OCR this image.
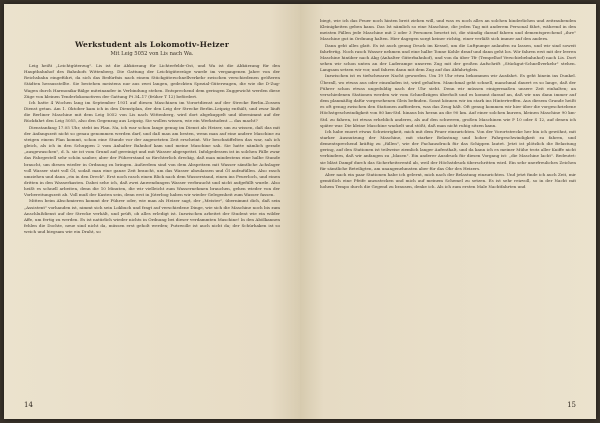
Werkstudent als Lokomotiv-Heizer
Mit Leig 5052 von Lis nach Wa.

Leig heißt „Leichtgüterzug". Lis ist die Abkürzung für Lichterfelde-Ost, und Wa ist die Abkürzung für den Hauptbahnhof des Bahnhofs Wittenberg. Die Gattung der Leichtgüterzüge wurde im vergangenen Jahre von der Reichsbahn eingeführt, da sich das Bedürfnis nach einem Stückgüterschnellverkehr zwischen verschiedenen größeren Städten herausstellte. Sie bestehen meistens nur aus zwei langen, gedeckten Spezial-Güterwagen, die wie die D-Zug-Wagen durch Harmonika-Bälge miteinander in Verbindung stehen. Entsprechend dem geringen Zuggewicht werden diese Züge von kleinen Tenderlokomotiven der Gattung Pt 34–17 (früher T 12) befördert.

Ich hatte 4 Wochen lang im September 1931 auf diesen Maschinen im Vorortdienst auf der Strecke Berlin–Zossen Dienst getan. Am 1. Oktober kam ich in den Dienstplan, der den Leig der Strecke Berlin–Leipzig enthält, und zwar läuft die Berliner Maschine mit dem Leig 5052 von Lis nach Wittenberg, wird dort abgekuppelt und übernimmt auf der Rückfahrt den Leig 5055, also den Gegenzug aus Leipzig. Sie wollen wissen, wie ein Werkstudent — das macht?

Dienstanfang 17.05 Uhr, steht im Plan. Na, ich war schon lange genug im Dienst als Heizer, um zu wissen, daß das mit der Anfangszeit nicht so genau genommen werden darf, und daß man am besten, wenn man auf eine andere Maschine zu steigen einem Plan kommt, schon eine Stunde vor der angesetzten Zeit erscheint. Wir beschnüffelten das war, sah ich gleich, als ich in den Schuppen 2 vom Anhalter Bahnhof kam und meine Maschine sah. Sie hatte nämlich gerade „ausgewaschen", d. h. sie ist vom Grund auf gereinigt und mit Wasser abgespritzt. Infolgedessen ist in solchen Fälle zwar das Fahrgestell sehr schön sauber, aber der Führerstand so fürchterlich dreckig, daß man mindestens eine halbe Stunde braucht, um diesen wieder in Ordnung zu bringen. Außerdem sind von dem Abspritzen mit Wasser sämtliche Achslager voll Wasser statt voll Öl, sodaß man eine ganze Zeit braucht, um das Wasser abzulassen und Öl aufzufüllen. Also rasch umziehen und dann „rin in den Dreck". Erst noch rasch einen Blick nach dem Wasserstand, einen ins Feuerloch, und einen dritten in den Wasserkasten. Dabei sehe ich, daß zwei Anwendungen Wasser verbraucht und nicht aufgefüllt wurde. Also heißt es schnell arbeiten, denn die 10 Minuten, die wir vielleicht zum Wassernehmen brauchen, gehen wieder von der Vorbereitungszeit ab. Voll muß der Kasten sein, denn erst in Jüterbog haben wir wieder Gelegenheit zum Wasser fassen.

Mitten beim Abschmieren kommt der Führer oder, wie man als Heizer sagt, der „Meister", übernimmt dich, daß sein „Assistent" vorhanden ist, nimmt sich sein Lokbuch und fragt auf verschiedene Dinge, wie sich die Maschine noch bis zum Anschlußdienst auf der Strecke verhält, und prüft, ob alles erledigt ist. Inzwischen arbeitet der Student wie ein wilder Affe, um fertig zu werden. Es ist natürlich wieder nichts in Ordnung bei dieser verdammten Maschine! In den Abölkannen fehlen die Dochte, neue sind nicht da, müssen erst geholt werden; Putzwolle ist auch nicht da; der Schürhaken ist so weich und biegsam wie ein Draht, so

14

biegt, wie ich das Feuer noch hinten breit ziehen will, und was es noch alles an solchen hinderlichen und zeitraubenden Kleinigkeiten geben kann. Das Ist nämlich so eine Maschine, die jeden Tag mit anderem Personal fährt, während in den meisten Fällen jede Maschine mit 2 oder 3 Personen besetzt ist, die ständig darauf fahren und dementsprechend „ihre" Maschine gut in Ordnung halten. Hier dagegen sorgt keiner richtig, einer verläßt sich immer auf den andern.

Dann geht alles glatt. Es ist auch genug Druck im Kessel, um die Luftpumpe anlaufen zu lassen, und wir sind soweit fahrfertig. Noch rasch Wasser nehmen und eine halbe Tonne Kohle drauf und dann geht los. Wir fahren erst mit der leeren Maschine hinüber nach Akg (Anhalter Güterbahnhof), und von da über Tfr (Tempelhof Verschiebebahnhof) nach Lis. Dort sehen wir schon unten an der Laderampe unseren Zug mit der großen Aufschrift „Stückgut-Schnellverkehr" stehen. Langsam setzen wir vor, und fahren dann mit dem Zug auf das Abfahrtgleis.

Inzwischen ist es tiefschwarze Nacht geworden. Um 19 Uhr etwa bekommen wir Ausfahrt. Es geht hinein ins Dunkel. Überall, wo etwas aus oder einzuladen ist, wird gehalten. Manchmal geht schnell, manchmal dauert es so lange, daß der Führer schon etwas ungeduldig nach der Uhr sieht. Denn wir müssen einigermaßen unsere Zeit einhalten; an verschiedenen Stationen werden wir vom Schnellzügen überholt und es kommt darauf an, daß wir uns dann immer auf dem planmäßig dafür vorgesehenen Gleis befinden. Sonst können wir im stark ins Hintertreffen. Aus diesem Grunde heißt es oft genug zwischen den Stationen auffordern, was das Zeug hält. Oft genug kommen wir hier über die vorgeschriebene Höchstgeschwindigkeit von 80 km-Std. hinaus bis heran an die 90 km. Auf einer solchen kurzen, kleinen Maschine 90 km-Std. zu fahren, ist etwas erheblich anderes, als auf den schweren, großen Maschinen wie P 10 oder S 12, auf denen ich später war. Die kleine Maschine wackelt und stößt, daß man nicht ruhig sitzen kann.

Ich habe enorrt etwas Schwierigkeit, mich mit dem Feuer einzurichten. Von der Vorortstrecke her bin ich gewöhnt, mit starker Ausnutzung der Maschine, mit starker Belastung und hoher Fahrgeschwindigkeit zu fahren, und dementsprechend kräftig zu „füllen", wie der Fachausdruck für das Schippen lautet. Jetzt ist plötzlich die Belastung gering, auf den Stationen ist teilweise ziemlich langer Aufenthalt, und da kann ich es meiner Mühe trotz aller Kniffe nicht verhindern, daß wir anfangen zu „blasen". Ein anderer Ausdruck für diesen Vorgang ist: „die Maschine lacht". Bedeutet: sie bläst Dampf durch das Sicherheitsventil ab, weil der Höchstdruck überschritten wird. Ein sehr unerfreuliches Zeichen für sämtliche Beteiligten, am unangenehmsten aber für das Ohr des Heizers.

Aber nach ein paar Stationen habe ich gelernt, mich nach der Belastung einzurichten. Und jetzt finde ich auch Zeit, mir gemütlich eine Pfeife anzustecken und mich auf meinem Schemel zu setzen. Es ist sehr reizvoll, so in der Nacht mit hohem Tempo durch die Gegend zu brausen, denke ich. Als ich zum ersten Male Nachtfahrten und

15
